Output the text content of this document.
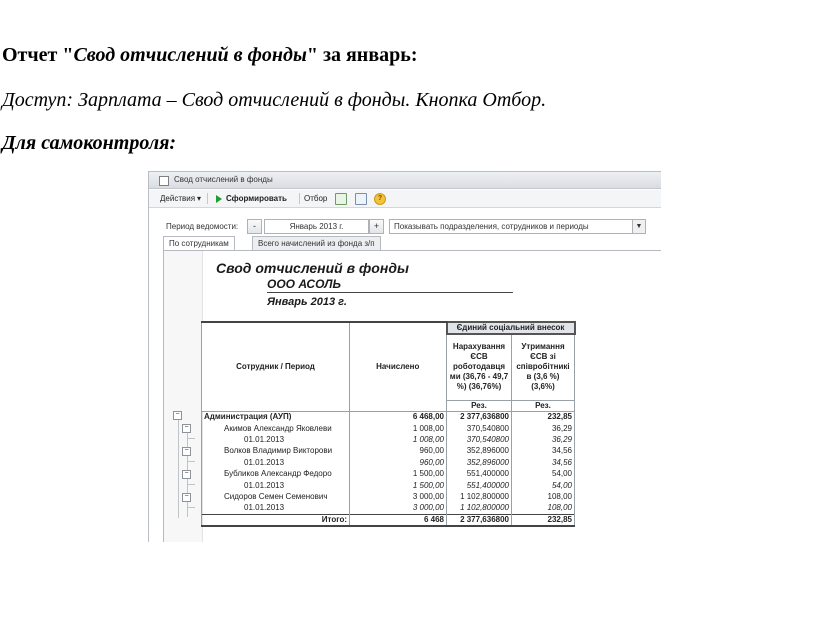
Отчет "Свод отчислений в фонды" за январь:
Доступ: Зарплата – Свод отчислений в фонды. Кнопка Отбор.
Для самоконтроля:
Свод отчислений в фонды
Действия ▾	Сформировать Отбор	?
Период ведомости:	-	Январь 2013 г.	+	Показывать подразделения, сотрудников и периоды	▼
По сотрудникам	Всего начислений из фонда з/п
Свод отчислений в фонды
ООО АСОЛЬ
Январь 2013 г.
−
−
−
−
−
Сотрудник / Период	Начислено	Єдиний соціальний внесок	
		Нарахування ЄСВ роботодавця ми (36,76 - 49,7 %) (36,76%)	Утримання ЄСВ зі співробітникі в (3,6 %) (3,6%)
		Рез.	Рез.
Администрация (АУП)	6 468,00	2 377,636800	232,85
Акимов Александр Яковлеви	1 008,00	370,540800	36,29
01.01.2013	1 008,00	370,540800	36,29
Волков Владимир Викторови	960,00	352,896000	34,56
01.01.2013	960,00	352,896000	34,56
Бубликов Александр Федоро	1 500,00	551,400000	54,00
01.01.2013	1 500,00	551,400000	54,00
Сидоров Семен Семенович	3 000,00	1 102,800000	108,00
01.01.2013	3 000,00	1 102,800000	108,00
Итого:	6 468	2 377,636800	232,85
